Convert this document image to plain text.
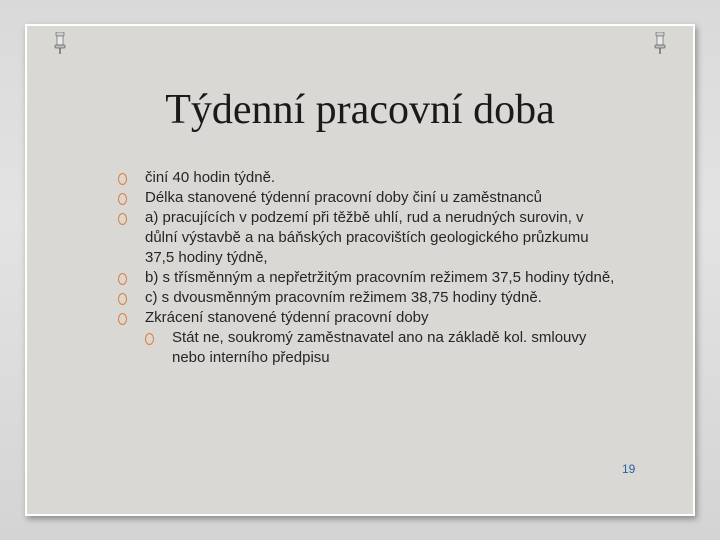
Týdenní pracovní doba
činí 40 hodin týdně.
Délka stanovené týdenní pracovní doby činí u zaměstnanců
a) pracujících v podzemí při těžbě uhlí, rud a nerudných surovin, v důlní výstavbě a na báňských pracovištích geologického průzkumu 37,5 hodiny týdně,
b) s třísměnným a nepřetržitým pracovním režimem 37,5 hodiny týdně,
c) s dvousměnným pracovním režimem 38,75 hodiny týdně.
Zkrácení stanovené týdenní pracovní doby
Stát ne, soukromý zaměstnavatel ano na základě kol. smlouvy nebo interního předpisu
19
